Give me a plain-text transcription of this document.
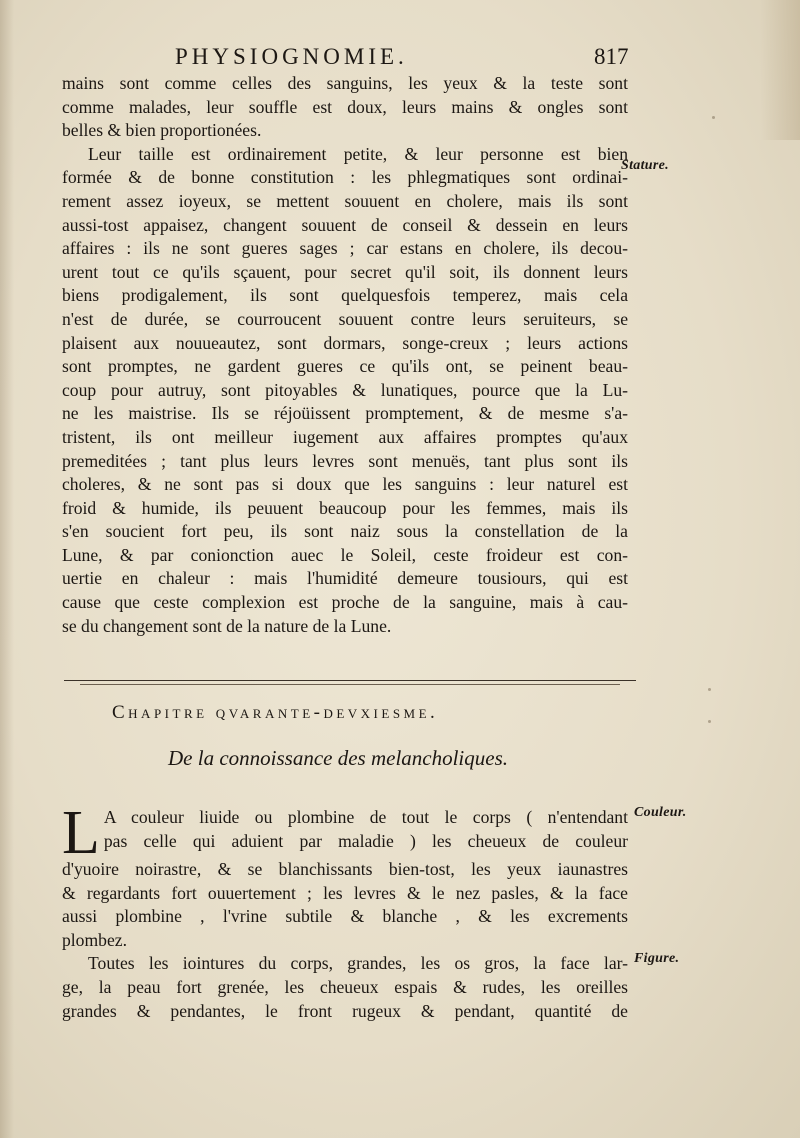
PHYSIOGNOMIE.	817
mains sont comme celles des sanguins, les yeux & la teste sont
comme malades, leur souffle est doux, leurs mains & ongles sont
belles & bien proportionées.
Leur taille est ordinairement petite, & leur personne est bien
formée & de bonne constitution : les phlegmatiques sont ordinai-
rement assez ioyeux, se mettent souuent en cholere, mais ils sont
aussi-tost appaisez, changent souuent de conseil & dessein en leurs
affaires : ils ne sont gueres sages ; car estans en cholere, ils decou-
urent tout ce qu'ils sçauent, pour secret qu'il soit, ils donnent leurs
biens prodigalement, ils sont quelquesfois temperez, mais cela
n'est de durée, se courroucent souuent contre leurs seruiteurs, se
plaisent aux nouueautez, sont dormars, songe-creux ; leurs actions
sont promptes, ne gardent gueres ce qu'ils ont, se peinent beau-
coup pour autruy, sont pitoyables & lunatiques, pource que la Lu-
ne les maistrise. Ils se réjoüissent promptement, & de mesme s'a-
tristent, ils ont meilleur iugement aux affaires promptes qu'aux
premeditées ; tant plus leurs levres sont menuës, tant plus sont ils
choleres, & ne sont pas si doux que les sanguins : leur naturel est
froid & humide, ils peuuent beaucoup pour les femmes, mais ils
s'en soucient fort peu, ils sont naiz sous la constellation de la
Lune, & par conionction auec le Soleil, ceste froideur est con-
uertie en chaleur : mais l'humidité demeure tousiours, qui est
cause que ceste complexion est proche de la sanguine, mais à cau-
se du changement sont de la nature de la Lune.
Stature.
Chapitre qvarante-devxiesme.
De la connoissance des melancholiques.
L A couleur liuide ou plombine de tout le corps ( n'entendant
pas celle qui aduient par maladie ) les cheueux de couleur
d'yuoire noirastre, & se blanchissants bien-tost, les yeux iaunastres
& regardants fort ouuertement ; les levres & le nez pasles, & la face
aussi plombine , l'vrine subtile & blanche , & les excrements
plombez.
Toutes les iointures du corps, grandes, les os gros, la face lar-
ge, la peau fort grenée, les cheueux espais & rudes, les oreilles
grandes & pendantes, le front rugeux & pendant, quantité de
Couleur.
Figure.
